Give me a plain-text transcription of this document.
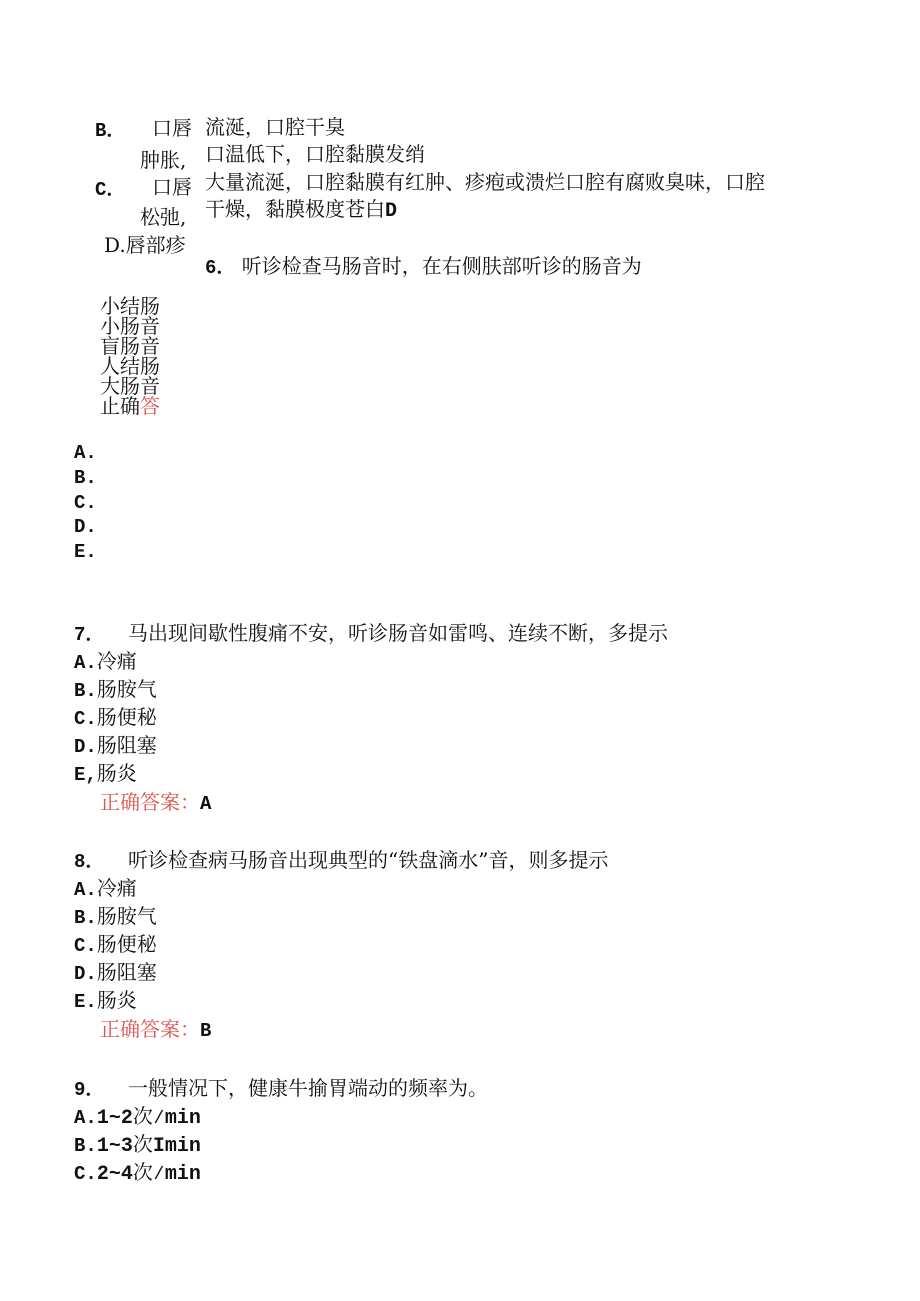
B． 口唇
肿胀,
C． 口唇
松弛,
D.唇部疹
流涎，口腔干臭
口温低下，口腔黏膜发绡
大量流涎，口腔黏膜有红肿、疹疱或溃烂口腔有腐败臭味，口腔
干燥，黏膜极度苍白D
6． 听诊检查马肠音时，在右侧肤部听诊的肠音为
小结肠
小肠音
盲肠音
人结肠
大肠音
止确答
A.
B.
C.
D.
E.
7． 马出现间歇性腹痛不安，听诊肠音如雷鸣、连续不断，多提示
A.冷痛
B.肠胺气
C.肠便秘
D.肠阻塞
E,肠炎
正确答案：A
8． 听诊检查病马肠音出现典型的“铁盘滴水”音，则多提示
A.冷痛
B.肠胺气
C.肠便秘
D.肠阻塞
E.肠炎
正确答案：B
9． 一般情况下，健康牛揄胃端动的频率为。
A.1~2次∕min
B.1~3次Imin
C.2~4次∕min
